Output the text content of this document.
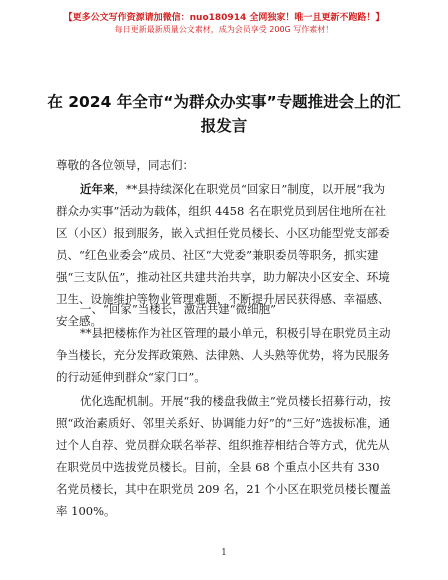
【更多公文写作资源请加微信：nuo180914 全网独家！唯一且更新不跑路！】
每日更新最新质量公文素材，成为会员享受 200G 写作素材！
在 2024 年全市“为群众办实事”专题推进会上的汇报发言
尊敬的各位领导，同志们：
近年来，**县持续深化在职党员“回家日”制度，以开展“我为群众办实事”活动为载体，组织 4458 名在职党员到居住地所在社区（小区）报到服务，嵌入式担任党员楼长、小区功能型党支部委员、“红色业委会”成员、社区“大党委”兼职委员等职务，抓实建强“三支队伍”，推动社区共建共治共享，助力解决小区安全、环境卫生、设施维护等物业管理难题，不断提升居民获得感、幸福感、安全感。
一、“回家”当楼长，激活共建“微细胞”
**县把楼栋作为社区管理的最小单元，积极引导在职党员主动争当楼长，充分发挥政策熟、法律熟、人头熟等优势，将为民服务的行动延伸到群众“家门口”。
优化选配机制。开展“我的楼盘我做主”党员楼长招募行动，按照“政治素质好、邻里关系好、协调能力好”的“三好”选拔标准，通过个人自荐、党员群众联名举荐、组织推荐相结合等方式，优先从在职党员中选拔党员楼长。目前，全县 68 个重点小区共有 330 名党员楼长，其中在职党员 209 名，21 个小区在职党员楼长覆盖率 100%。
1
